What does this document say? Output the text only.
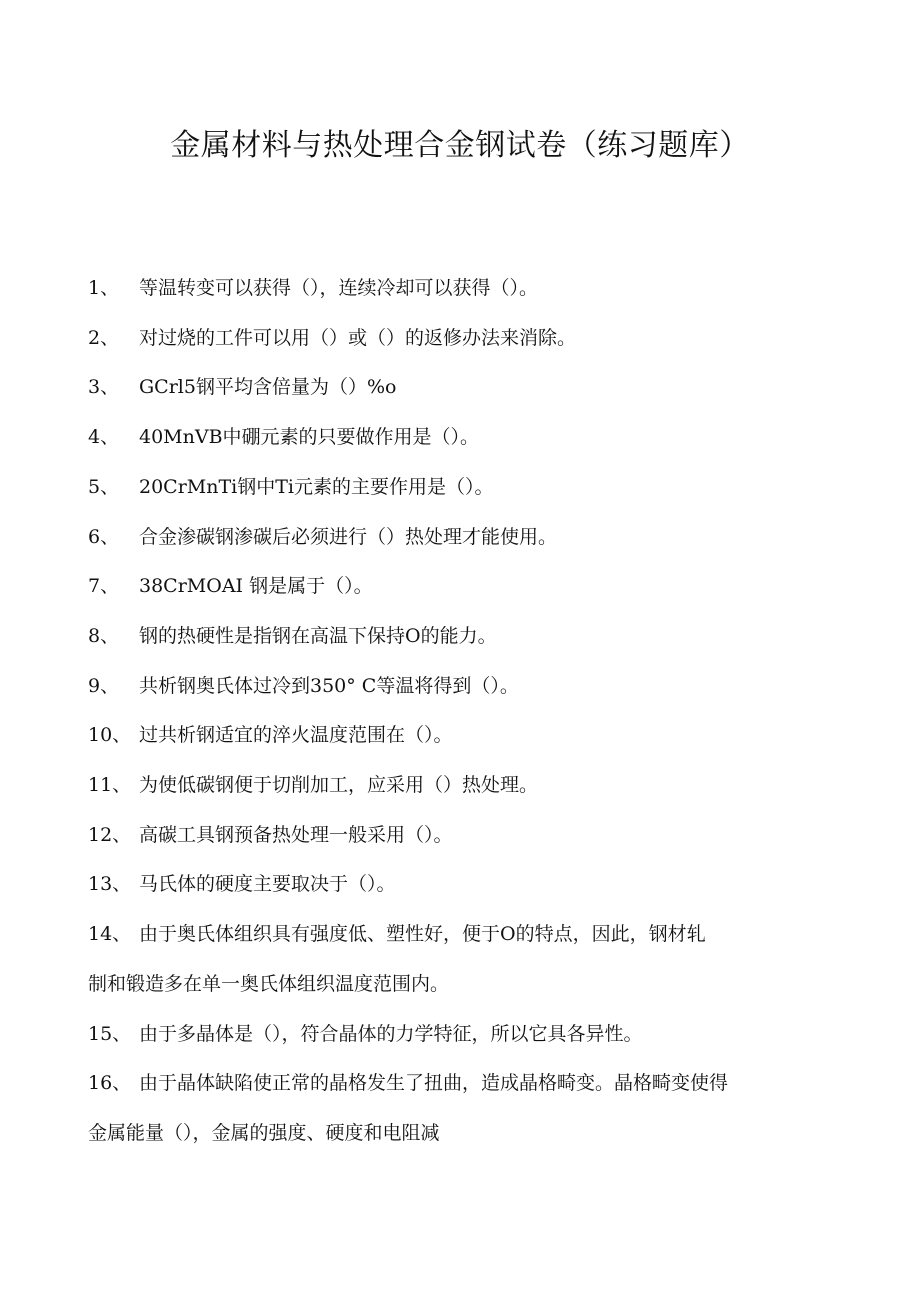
金属材料与热处理合金钢试卷（练习题库）
1、 等温转变可以获得（），连续冷却可以获得（）。
2、 对过烧的工件可以用（）或（）的返修办法来消除。
3、 GCrl5钢平均含倍量为（）%o
4、 40MnVB中硼元素的只要做作用是（）。
5、 20CrMnTi钢中Ti元素的主要作用是（）。
6、 合金渗碳钢渗碳后必须进行（）热处理才能使用。
7、 38CrMOAI 钢是属于（）。
8、 钢的热硬性是指钢在高温下保持O的能力。
9、 共析钢奥氏体过冷到350° C等温将得到（）。
10、 过共析钢适宜的淬火温度范围在（）。
11、 为使低碳钢便于切削加工，应采用（）热处理。
12、 高碳工具钢预备热处理一般采用（）。
13、 马氏体的硬度主要取决于（）。
14、 由于奥氏体组织具有强度低、塑性好，便于O的特点，因此，钢材轧
制和锻造多在单一奥氏体组织温度范围内。
15、 由于多晶体是（），符合晶体的力学特征，所以它具各异性。
16、 由于晶体缺陷使正常的晶格发生了扭曲，造成晶格畸变。晶格畸变使得
金属能量（），金属的强度、硬度和电阻减
